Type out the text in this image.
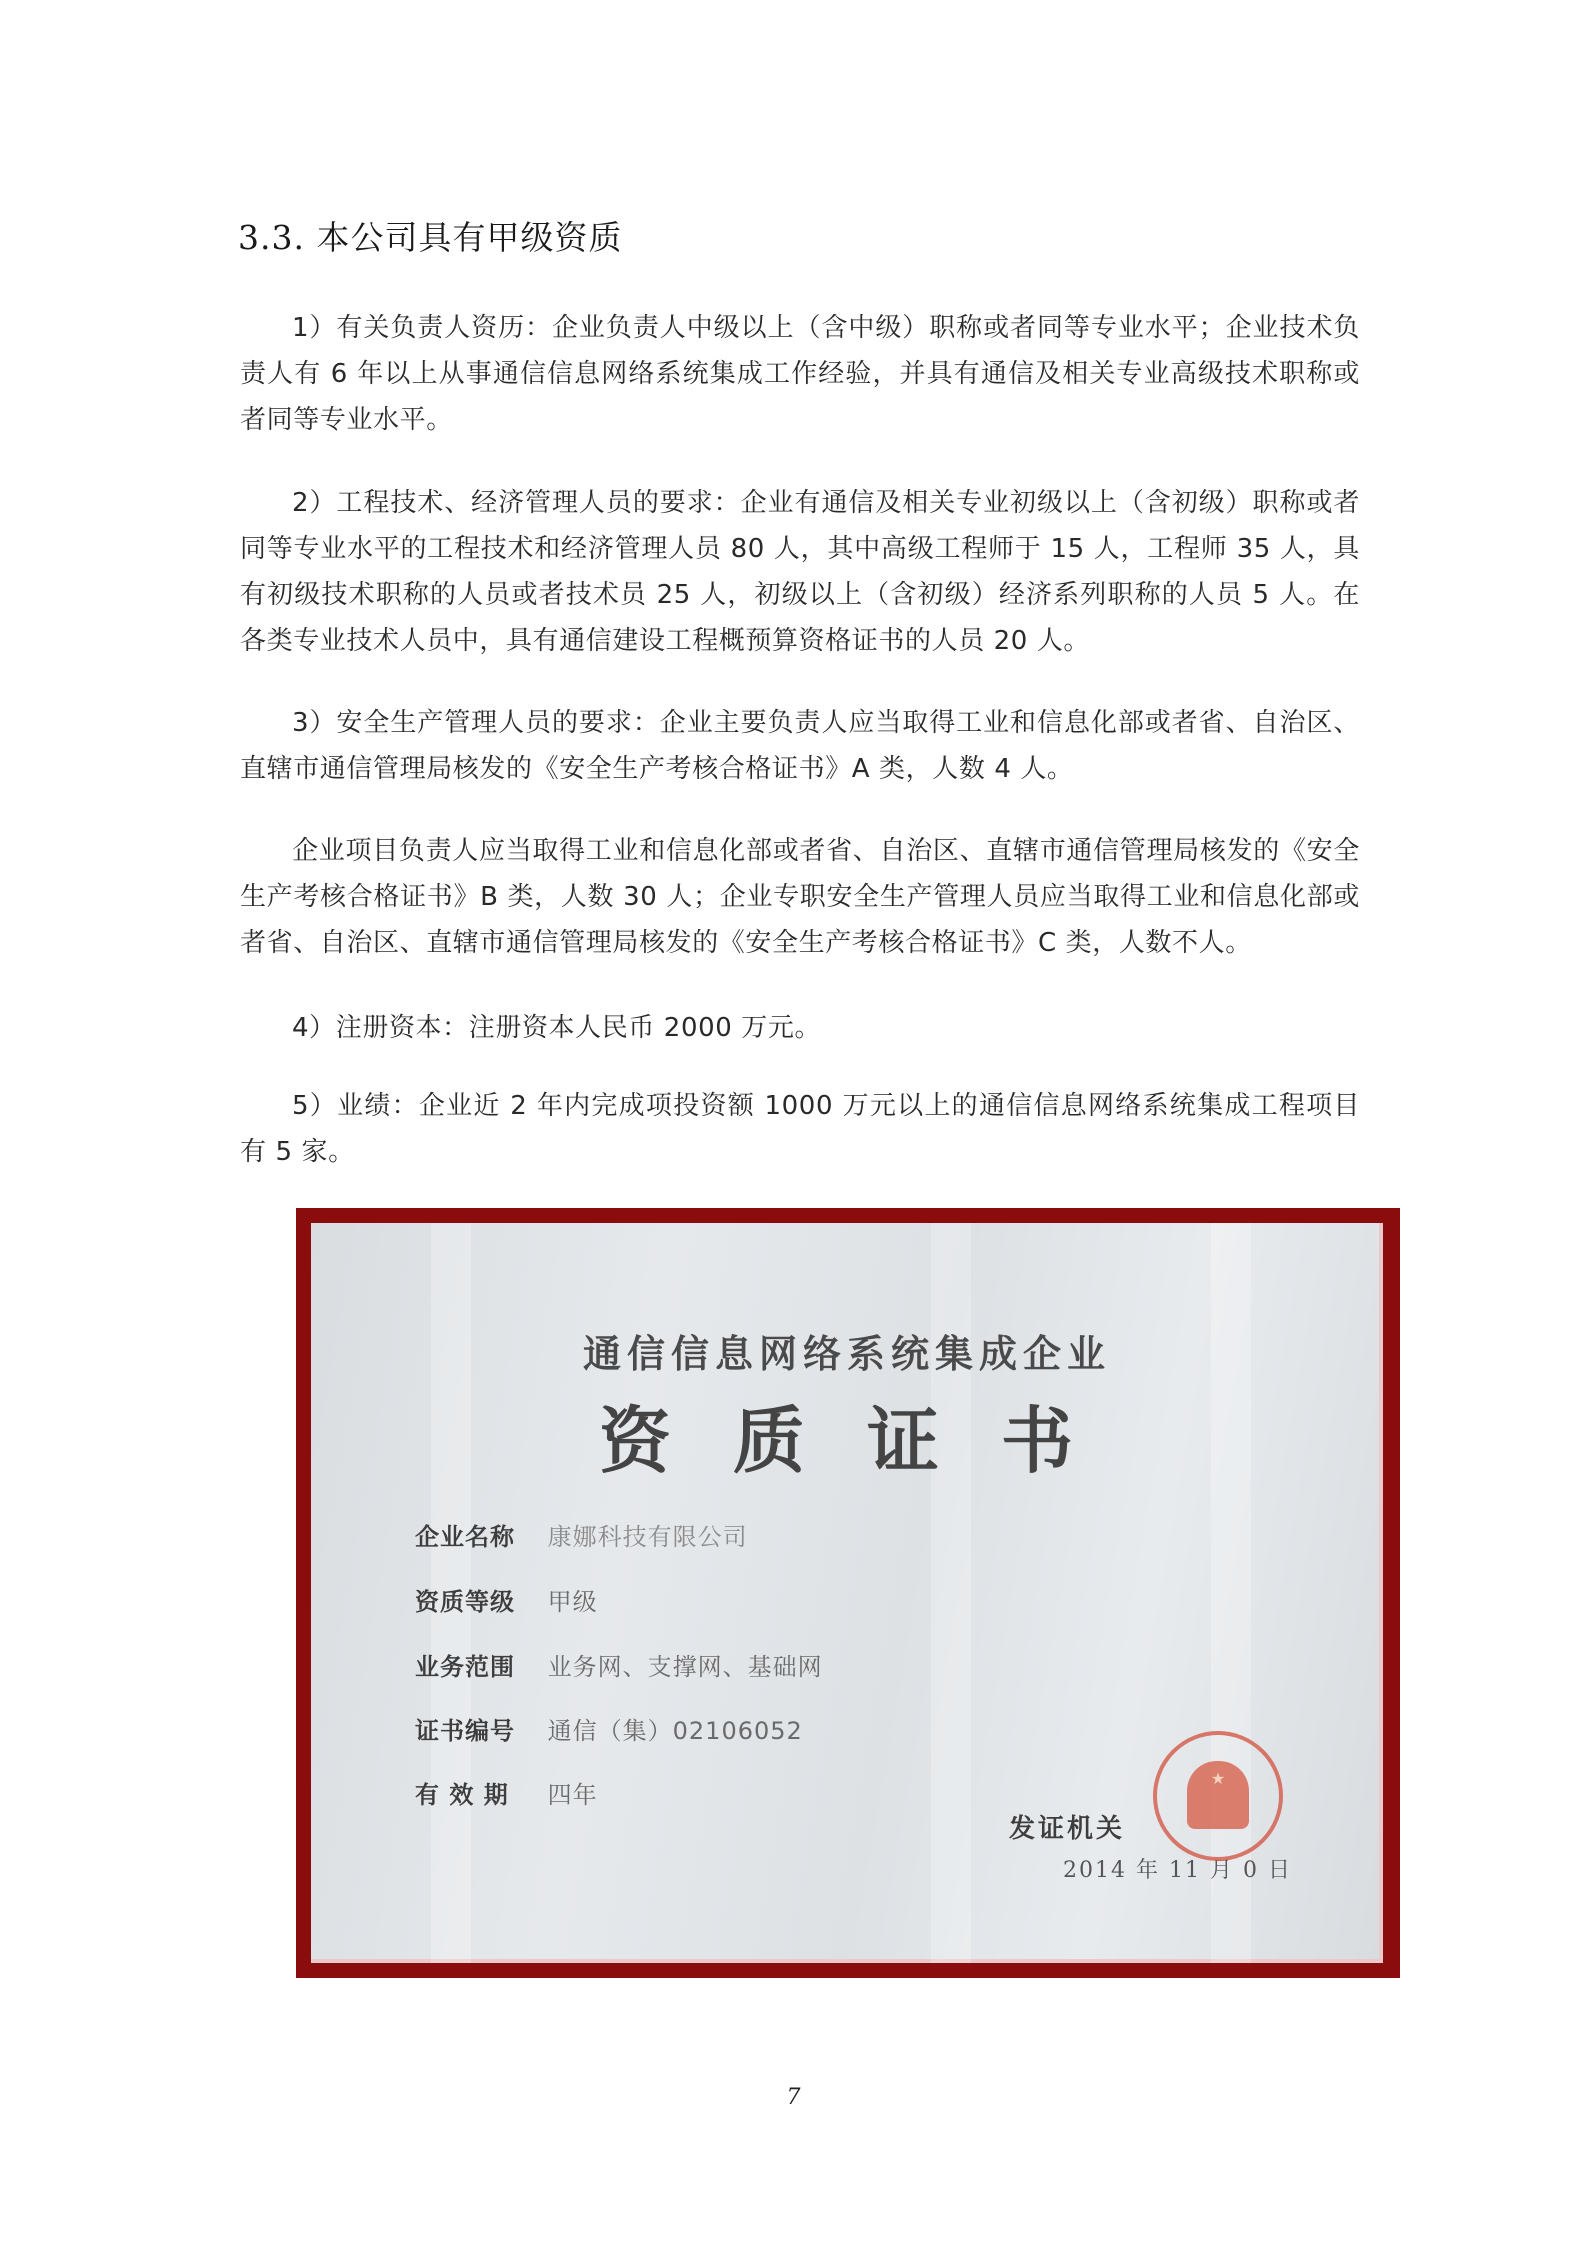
3.3. 本公司具有甲级资质
1）有关负责人资历：企业负责人中级以上（含中级）职称或者同等专业水平；企业技术负责人有 6 年以上从事通信信息网络系统集成工作经验，并具有通信及相关专业高级技术职称或者同等专业水平。
2）工程技术、经济管理人员的要求：企业有通信及相关专业初级以上（含初级）职称或者同等专业水平的工程技术和经济管理人员 80 人，其中高级工程师于 15 人，工程师 35 人，具有初级技术职称的人员或者技术员 25 人，初级以上（含初级）经济系列职称的人员 5 人。在各类专业技术人员中，具有通信建设工程概预算资格证书的人员 20 人。
3）安全生产管理人员的要求：企业主要负责人应当取得工业和信息化部或者省、自治区、直辖市通信管理局核发的《安全生产考核合格证书》A 类，人数 4 人。
企业项目负责人应当取得工业和信息化部或者省、自治区、直辖市通信管理局核发的《安全生产考核合格证书》B 类，人数 30 人；企业专职安全生产管理人员应当取得工业和信息化部或者省、自治区、直辖市通信管理局核发的《安全生产考核合格证书》C 类，人数不人。
4）注册资本：注册资本人民币 2000 万元。
5）业绩：企业近 2 年内完成项投资额 1000 万元以上的通信信息网络系统集成工程项目有 5 家。
通信信息网络系统集成企业
资质证书
企业名称 康娜科技有限公司
资质等级 甲级
业务范围 业务网、支撑网、基础网
证书编号 通信（集）02106052
有 效 期 四年
发证机关
2014 年 11 月 0 日
★
7
